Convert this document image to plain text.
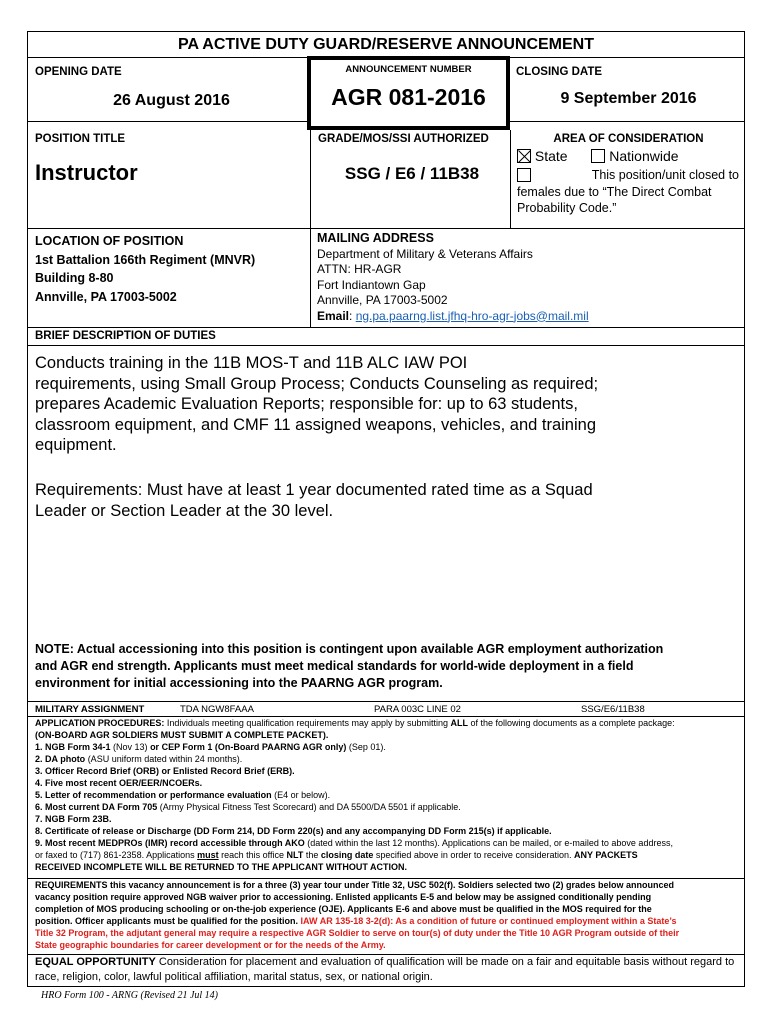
PA ACTIVE DUTY GUARD/RESERVE ANNOUNCEMENT
OPENING DATE
26 August 2016
ANNOUNCEMENT NUMBER
AGR 081-2016
CLOSING DATE
9 September 2016
POSITION TITLE
Instructor
GRADE/MOS/SSI AUTHORIZED
SSG / E6 / 11B38
AREA OF CONSIDERATION
State	Nationwide
This position/unit closed to
females due to “The Direct Combat
Probability Code.”
LOCATION OF POSITION
1st Battalion 166th Regiment (MNVR)
Building 8-80
Annville, PA 17003-5002
MAILING ADDRESS
Department of Military & Veterans Affairs
ATTN: HR-AGR
Fort Indiantown Gap
Annville, PA 17003-5002
Email: ng.pa.paarng.list.jfhq-hro-agr-jobs@mail.mil
BRIEF DESCRIPTION OF DUTIES
Conducts training in the 11B MOS-T and 11B ALC IAW POI
requirements, using Small Group Process; Conducts Counseling as required;
prepares Academic Evaluation Reports; responsible for: up to 63 students,
classroom equipment, and CMF 11 assigned weapons, vehicles, and training
equipment.
Requirements: Must have at least 1 year documented rated time as a Squad
Leader or Section Leader at the 30 level.
NOTE: Actual accessioning into this position is contingent upon available AGR employment authorization
and AGR end strength. Applicants must meet medical standards for world-wide deployment in a field
environment for initial accessioning into the PAARNG AGR program.
MILITARY ASSIGNMENT	TDA NGW8FAAA	PARA 003C LINE 02	SSG/E6/11B38
APPLICATION PROCEDURES: Individuals meeting qualification requirements may apply by submitting ALL of the following documents as a complete package:
(ON-BOARD AGR SOLDIERS MUST SUBMIT A COMPLETE PACKET).
1. NGB Form 34-1 (Nov 13) or CEP Form 1 (On-Board PAARNG AGR only) (Sep 01).
2. DA photo (ASU uniform dated within 24 months).
3. Officer Record Brief (ORB) or Enlisted Record Brief (ERB).
4. Five most recent OER/EER/NCOERs.
5. Letter of recommendation or performance evaluation (E4 or below).
6. Most current DA Form 705 (Army Physical Fitness Test Scorecard) and DA 5500/DA 5501 if applicable.
7. NGB Form 23B.
8. Certificate of release or Discharge (DD Form 214, DD Form 220(s) and any accompanying DD Form 215(s) if applicable.
9. Most recent MEDPROs (IMR) record accessible through AKO (dated within the last 12 months). Applications can be mailed, or e-mailed to above address,
or faxed to (717) 861-2358. Applications must reach this office NLT the closing date specified above in order to receive consideration. ANY PACKETS
RECEIVED INCOMPLETE WILL BE RETURNED TO THE APPLICANT WITHOUT ACTION.
REQUIREMENTS this vacancy announcement is for a three (3) year tour under Title 32, USC 502(f). Soldiers selected two (2) grades below announced
vacancy position require approved NGB waiver prior to accessioning. Enlisted applicants E-5 and below may be assigned conditionally pending
completion of MOS producing schooling or on-the-job experience (OJE). Applicants E-6 and above must be qualified in the MOS required for the
position. Officer applicants must be qualified for the position. IAW AR 135-18 3-2(d): As a condition of future or continued employment within a State’s
Title 32 Program, the adjutant general may require a respective AGR Soldier to serve on tour(s) of duty under the Title 10 AGR Program outside of their
State geographic boundaries for career development or for the needs of the Army.
EQUAL OPPORTUNITY Consideration for placement and evaluation of qualification will be made on a fair and equitable basis without regard to
race, religion, color, lawful political affiliation, marital status, sex, or national origin.
HRO Form 100 - ARNG (Revised 21 Jul 14)
